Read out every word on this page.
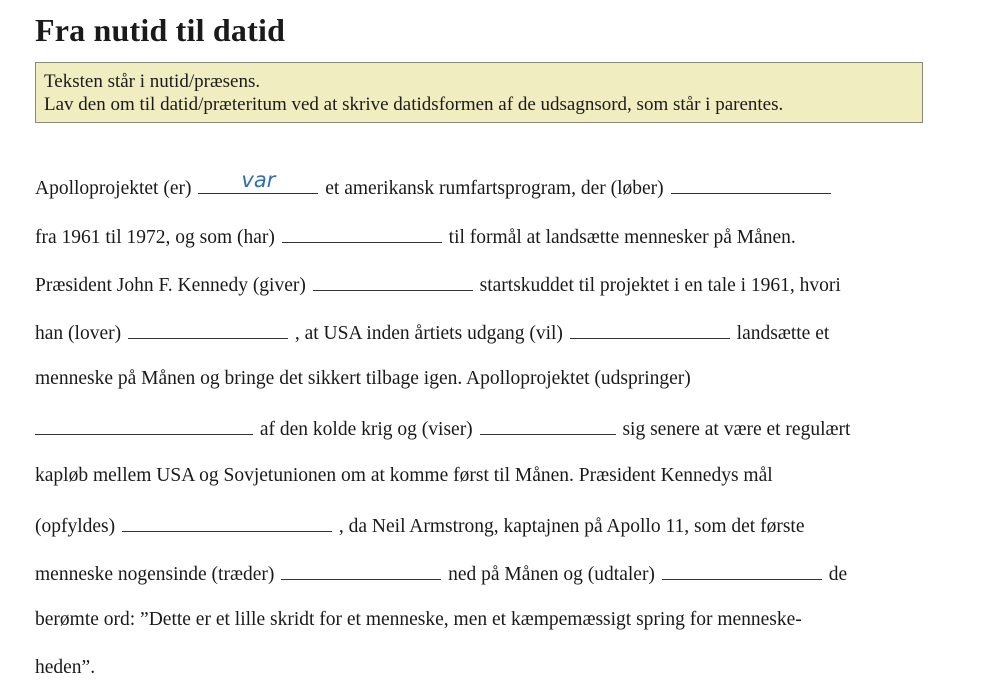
Fra nutid til datid
Teksten står i nutid/præsens.
Lav den om til datid/præteritum ved at skrive datidsformen af de udsagnsord, som står i parentes.
Apolloprojektet (er)
var	et amerikansk rumfartsprogram, der (løber)
fra 1961 til 1972, og som (har)	til formål at landsætte mennesker på Månen.
Præsident John F. Kennedy (giver)	startskuddet til projektet i en tale i 1961, hvori
han (lover)	, at USA inden årtiets udgang (vil)	landsætte et
menneske på Månen og bringe det sikkert tilbage igen. Apolloprojektet (udspringer)
af den kolde krig og (viser)	sig senere at være et regulært
kapløb mellem USA og Sovjetunionen om at komme først til Månen. Præsident Kennedys mål
(opfyldes)	, da Neil Armstrong, kaptajnen på Apollo 11, som det første
menneske nogensinde (træder)	ned på Månen og (udtaler)	de
berømte ord: ”Dette er et lille skridt for et menneske, men et kæmpemæssigt spring for menneske-
heden”.
